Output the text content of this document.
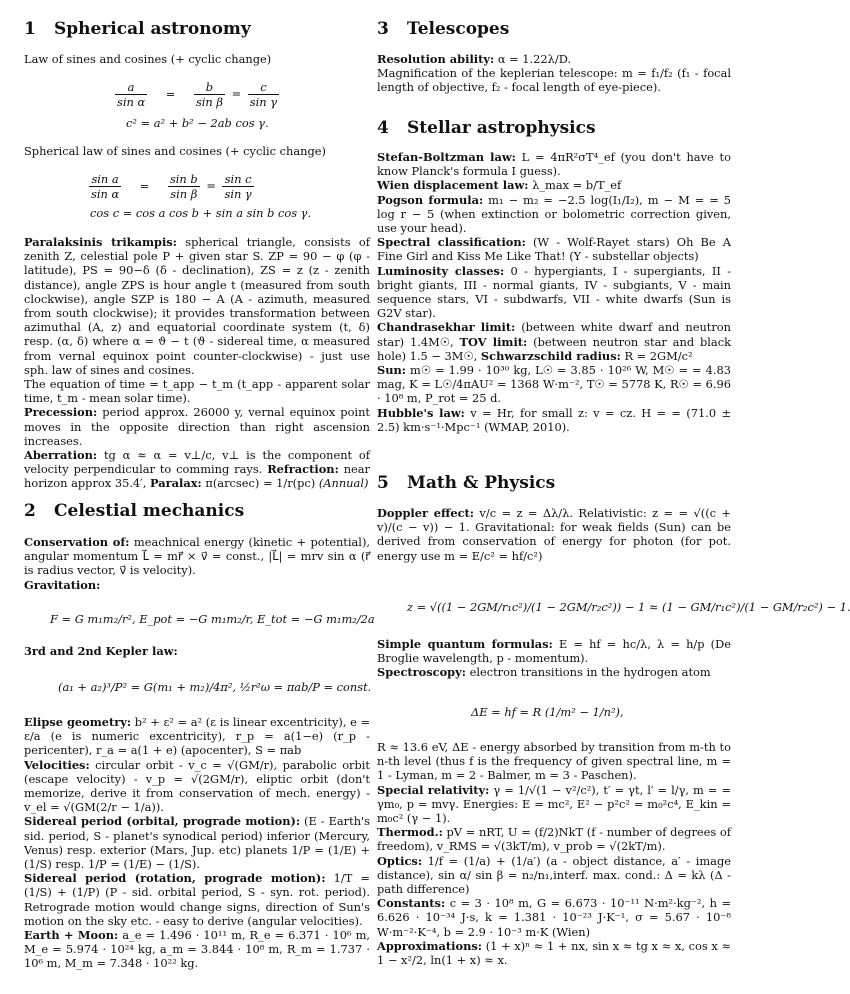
1 Spherical astronomy
Law of sines and cosines (+ cyclic change)
$\frac{a}{\text{sin α}} = \frac{b}{\text{sin β}} = \frac{c}{\text{sin γ}}$
c² = a² + b² − 2ab cos γ.
Spherical law of sines and cosines (+ cyclic change)
$\frac{\text{sin a}}{\text{sin α}} = \frac{\text{sin b}}{\text{sin β}} = \frac{\text{sin c}}{\text{sin γ}}$
cos c = cos a cos b + sin a sin b cos γ.

Paralaksinis trikampis: spherical triangle, consists of zenith Z, celestial pole P + given star S. ZP = 90 − φ (φ - latitude), PS = 90−δ (δ - declination), ZS = z (z - zenith distance), angle ZPS is hour angle t (measured from south clockwise), angle SZP is 180 − A (A - azimuth, measured from south clockwise); it provides transformation between azimuthal (A, z) and equatorial coordinate system (t, δ) resp. (α, δ) where α = ϑ − t (ϑ - sidereal time, α measured from vernal equinox point counter-clockwise) - just use sph. law of sines and cosines.

The equation of time = t_app − t_m (t_app - apparent solar time, t_m - mean solar time).

Precession: period approx. 26000 y, vernal equinox point moves in the opposite direction than right ascension increases.

Aberration: tg α ≈ α = v⊥/c, v⊥ is the component of velocity perpendicular to comming rays. Refraction: near horizon approx 35.4′, Paralax: π(arcsec) = 1/r(pc) (Annual)

2 Celestial mechanics

Conservation of: meachnical energy (kinetic + potential), angular momentum L⃗ = mr⃗ × v⃗ = const., |L⃗| = mrv sin α (r⃗ is radius vector, v⃗ is velocity).

Gravitation:

F = G m₁m₂/r², E_pot = −G m₁m₂/r, E_tot = −G m₁m₂/2a

3rd and 2nd Kepler law:

(a₁ + a₂)³/P² = G(m₁ + m₂)/4π², ½r²ω = πab/P = const.

Elipse geometry: b² + ε² = a² (ε is linear excentricity), e = ε/a (e is numeric excentricity), r_p = a(1−e) (r_p - pericenter), r_a = a(1 + e) (apocenter), S = πab

Velocities: circular orbit - v_c = √(GM/r), parabolic orbit (escape velocity) - v_p = √(2GM/r), eliptic orbit (don't memorize, derive it from conservation of mech. energy) - v_el = √(GM(2/r − 1/a)).

Sidereal period (orbital, prograde motion): (E - Earth's sid. period, S - planet's synodical period) inferior (Mercury, Venus) resp. exterior (Mars, Jup. etc) planets 1/P = (1/E) + (1/S) resp. 1/P = (1/E) − (1/S).

Sidereal period (rotation, prograde motion): 1/T = (1/S) + (1/P) (P - sid. orbital period, S - syn. rot. period). Retrograde motion would change signs, direction of Sun's motion on the sky etc. - easy to derive (angular velocities).

Earth + Moon: a_e = 1.496 · 10¹¹ m, R_e = 6.371 · 10⁶ m, M_e = 5.974 · 10²⁴ kg, a_m = 3.844 · 10⁸ m, R_m = 1.737 · 10⁶ m, M_m = 7.348 · 10²² kg.

3 Telescopes

Resolution ability: α = 1.22λ/D.

Magnification of the keplerian telescope: m = f₁/f₂ (f₁ - focal length of objective, f₂ - focal length of eye-piece).

4 Stellar astrophysics

Stefan-Boltzman law: L = 4πR²σT⁴_ef (you don't have to know Planck's formula I guess).

Wien displacement law: λ_max = b/T_ef

Pogson formula: m₁ − m₂ = −2.5 log(I₁/I₂), m − M = = 5 log r − 5 (when extinction or bolometric correction given, use your head).

Spectral classification: (W - Wolf-Rayet stars) Oh Be A Fine Girl and Kiss Me Like That! (Y - substellar objects)

Luminosity classes: 0 - hypergiants, I - supergiants, II - bright giants, III - normal giants, IV - subgiants, V - main sequence stars, VI - subdwarfs, VII - white dwarfs (Sun is G2V star).

Chandrasekhar limit: (between white dwarf and neutron star) 1.4M☉, TOV limit: (between neutron star and black hole) 1.5 − 3M☉, Schwarzschild radius: R = 2GM/c²

Sun: m☉ = 1.99 · 10³⁰ kg, L☉ = 3.85 · 10²⁶ W, M☉ = = 4.83 mag, K = L☉/4πAU² = 1368 W·m⁻², T☉ = 5778 K, R☉ = 6.96 · 10⁸ m, P_rot = 25 d.

Hubble's law: v = Hr, for small z: v = cz. H = = (71.0 ± 2.5) km·s⁻¹·Mpc⁻¹ (WMAP, 2010).

5 Math & Physics

Doppler effect: v/c = z = Δλ/λ. Relativistic: z = = √((c + v)/(c − v)) − 1. Gravitational: for weak fields (Sun) can be derived from conservation of energy for photon (for pot. energy use m = E/c² = hf/c²)

z = √((1 − 2GM/r₁c²)/(1 − 2GM/r₂c²)) − 1 ≈ (1 − GM/r₁c²)/(1 − GM/r₂c²) − 1.

Simple quantum formulas: E = hf = hc/λ, λ = h/p (De Broglie wavelength, p - momentum).

Spectroscopy: electron transitions in the hydrogen atom

ΔE = hf = R (1/m² − 1/n²),

R ≈ 13.6 eV, ΔE - energy absorbed by transition from m-th to n-th level (thus f is the frequency of given spectral line, m = 1 - Lyman, m = 2 - Balmer, m = 3 - Paschen).

Special relativity: γ = 1/√(1 − v²/c²), t′ = γt, l′ = l/γ, m = = γm₀, p = mvγ. Energies: E = mc², E² − p²c² = m₀²c⁴, E_kin = m₀c² (γ − 1).

Thermod.: pV = nRT, U = (f/2)NkT (f - number of degrees of freedom), v_RMS = √(3kT/m), v_prob = √(2kT/m).

Optics: 1/f = (1/a) + (1/a′) (a - object distance, a′ - image distance), sin α/ sin β = n₂/n₁,interf. max. cond.: Δ = kλ (Δ - path difference)

Constants: c = 3 · 10⁸ m, G = 6.673 · 10⁻¹¹ N·m²·kg⁻², h = 6.626 · 10⁻³⁴ J·s, k = 1.381 · 10⁻²³ J·K⁻¹, σ = 5.67 · 10⁻⁸ W·m⁻²·K⁻⁴, b = 2.9 · 10⁻³ m·K (Wien)

Approximations: (1 + x)ⁿ ≈ 1 + nx, sin x ≈ tg x ≈ x, cos x ≈ 1 − x²/2, ln(1 + x) ≈ x.
